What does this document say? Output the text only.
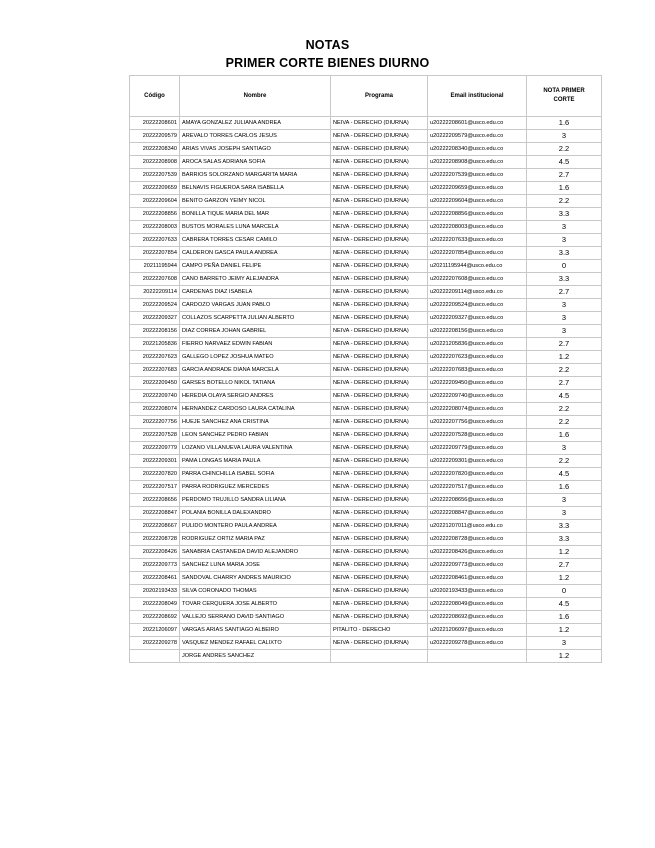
NOTAS
PRIMER CORTE BIENES DIURNO
Código	Nombre	Programa	Email institucional	NOTA PRIMER CORTE
20222208601	AMAYA GONZALEZ JULIANA ANDREA	NEIVA - DERECHO (DIURNA)	u20222208601@usco.edu.co	1.6
20222209579	AREVALO TORRES CARLOS JESUS	NEIVA - DERECHO (DIURNA)	u20222209579@usco.edu.co	3
20222208340	ARIAS VIVAS JOSEPH SANTIAGO	NEIVA - DERECHO (DIURNA)	u20222208340@usco.edu.co	2.2
20222208908	AROCA SALAS ADRIANA SOFIA	NEIVA - DERECHO (DIURNA)	u20222208908@usco.edu.co	4.5
20222207539	BARRIOS SOLORZANO MARGARITA MARIA	NEIVA - DERECHO (DIURNA)	u20222207539@usco.edu.co	2.7
20222209659	BELNAVIS FIGUEROA SARA ISABELLA	NEIVA - DERECHO (DIURNA)	u20222209659@usco.edu.co	1.6
20222209604	BENITO GARZON YEIMY NICOL	NEIVA - DERECHO (DIURNA)	u20222209604@usco.edu.co	2.2
20222208856	BONILLA TIQUE MARIA DEL MAR	NEIVA - DERECHO (DIURNA)	u20222208856@usco.edu.co	3.3
20222208003	BUSTOS MORALES LUNA MARCELA	NEIVA - DERECHO (DIURNA)	u20222208003@usco.edu.co	3
20222207633	CABRERA TORRES CESAR CAMILO	NEIVA - DERECHO (DIURNA)	u20222207633@usco.edu.co	3
20222207854	CALDERON GASCA PAULA ANDREA	NEIVA - DERECHO (DIURNA)	u20222207854@usco.edu.co	3.3
20211195944	CAMPO PEÑA DANIEL FELIPE	NEIVA - DERECHO (DIURNA)	u20211195944@usco.edu.co	0
20222207608	CANO BARRETO JEIMY ALEJANDRA	NEIVA - DERECHO (DIURNA)	u20222207608@usco.edu.co	3.3
20222209114	CARDENAS DIAZ ISABELA	NEIVA - DERECHO (DIURNA)	u20222209114@usco.edu.co	2.7
20222209524	CARDOZO VARGAS JUAN PABLO	NEIVA - DERECHO (DIURNA)	u20222209524@usco.edu.co	3
20222209327	COLLAZOS SCARPETTA JULIAN ALBERTO	NEIVA - DERECHO (DIURNA)	u20222209327@usco.edu.co	3
20222208156	DIAZ CORREA JOHAN GABRIEL	NEIVA - DERECHO (DIURNA)	u20222208156@usco.edu.co	3
20221205836	FIERRO NARVAEZ EDWIN FABIAN	NEIVA - DERECHO (DIURNA)	u20221205836@usco.edu.co	2.7
20222207623	GALLEGO LOPEZ JOSHUA MATEO	NEIVA - DERECHO (DIURNA)	u20222207623@usco.edu.co	1.2
20222207683	GARCIA ANDRADE DIANA MARCELA	NEIVA - DERECHO (DIURNA)	u20222207683@usco.edu.co	2.2
20222209450	GARSES BOTELLO NIKOL TATIANA	NEIVA - DERECHO (DIURNA)	u20222209450@usco.edu.co	2.7
20222209740	HEREDIA OLAYA SERGIO ANDRES	NEIVA - DERECHO (DIURNA)	u20222209740@usco.edu.co	4.5
20222208074	HERNANDEZ CARDOSO LAURA CATALINA	NEIVA - DERECHO (DIURNA)	u20222208074@usco.edu.co	2.2
20222207756	HUEJE SANCHEZ ANA CRISTINA	NEIVA - DERECHO (DIURNA)	u20222207756@usco.edu.co	2.2
20222207528	LEON SANCHEZ PEDRO FABIAN	NEIVA - DERECHO (DIURNA)	u20222207528@usco.edu.co	1.6
20222209779	LOZANO VILLANUEVA LAURA VALENTINA	NEIVA - DERECHO (DIURNA)	u20222209779@usco.edu.co	3
20222209301	PAMA LONGAS MARIA PAULA	NEIVA - DERECHO (DIURNA)	u20222209301@usco.edu.co	2.2
20222207820	PARRA CHINCHILLA ISABEL SOFIA	NEIVA - DERECHO (DIURNA)	u20222207820@usco.edu.co	4.5
20222207517	PARRA RODRIGUEZ MERCEDES	NEIVA - DERECHO (DIURNA)	u20222207517@usco.edu.co	1.6
20222208656	PERDOMO TRUJILLO SANDRA LILIANA	NEIVA - DERECHO (DIURNA)	u20222208656@usco.edu.co	3
20222208847	POLANIA BONILLA DALEXANDRO	NEIVA - DERECHO (DIURNA)	u20222208847@usco.edu.co	3
20222208667	PULIDO MONTERO PAULA ANDREA	NEIVA - DERECHO (DIURNA)	u20221207011@usco.edu.co	3.3
20222208728	RODRIGUEZ ORTIZ MARIA PAZ	NEIVA - DERECHO (DIURNA)	u20222208728@usco.edu.co	3.3
20222208426	SANABRIA CASTANEDA DAVID ALEJANDRO	NEIVA - DERECHO (DIURNA)	u20222208426@usco.edu.co	1.2
20222209773	SANCHEZ LUNA MARIA JOSE	NEIVA - DERECHO (DIURNA)	u20222209773@usco.edu.co	2.7
20222208461	SANDOVAL CHARRY ANDRES MAURICIO	NEIVA - DERECHO (DIURNA)	u20222208461@usco.edu.co	1.2
20202193433	SILVA CORONADO THOMAS	NEIVA - DERECHO (DIURNA)	u20202193433@usco.edu.co	0
20222208049	TOVAR CERQUERA JOSE ALBERTO	NEIVA - DERECHO (DIURNA)	u20222208049@usco.edu.co	4.5
20222208692	VALLEJO SERRANO DAVID SANTIAGO	NEIVA - DERECHO (DIURNA)	u20222208692@usco.edu.co	1.6
20221206097	VARGAS ARIAS SANTIAGO ALBEIRO	PITALITO - DERECHO	u20221206097@usco.edu.co	1.2
20222209278	VASQUEZ MENDEZ RAFAEL CALIXTO	NEIVA - DERECHO (DIURNA)	u20222209278@usco.edu.co	3
	JORGE ANDRES SANCHEZ			1.2
